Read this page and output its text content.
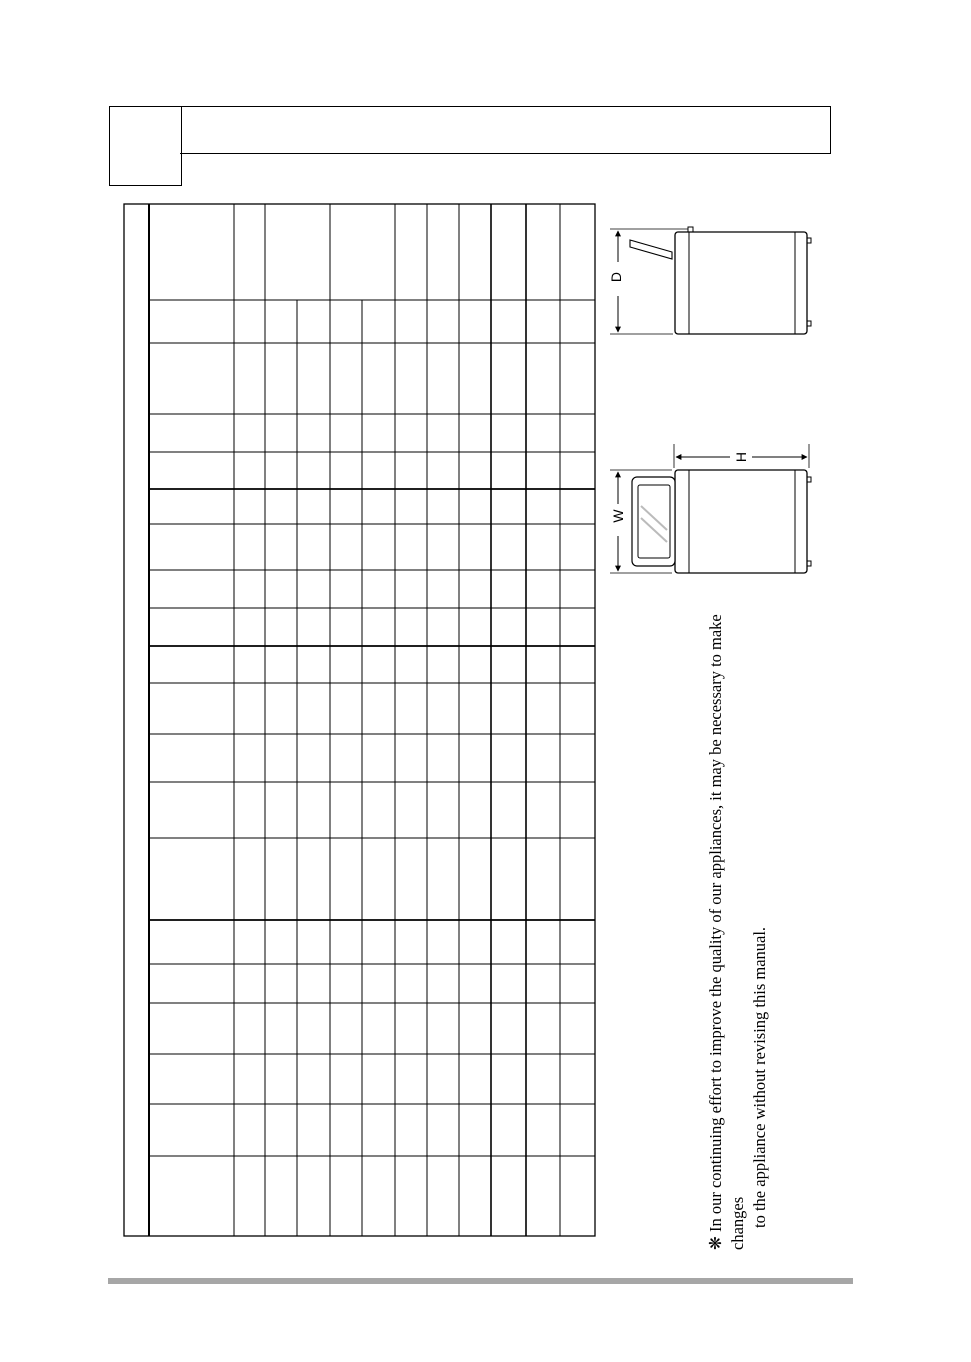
D
W
H
❋ In our continuing effort to improve the quality of our appliances, it may be necessary to make changes to the appliance without revising this manual.
